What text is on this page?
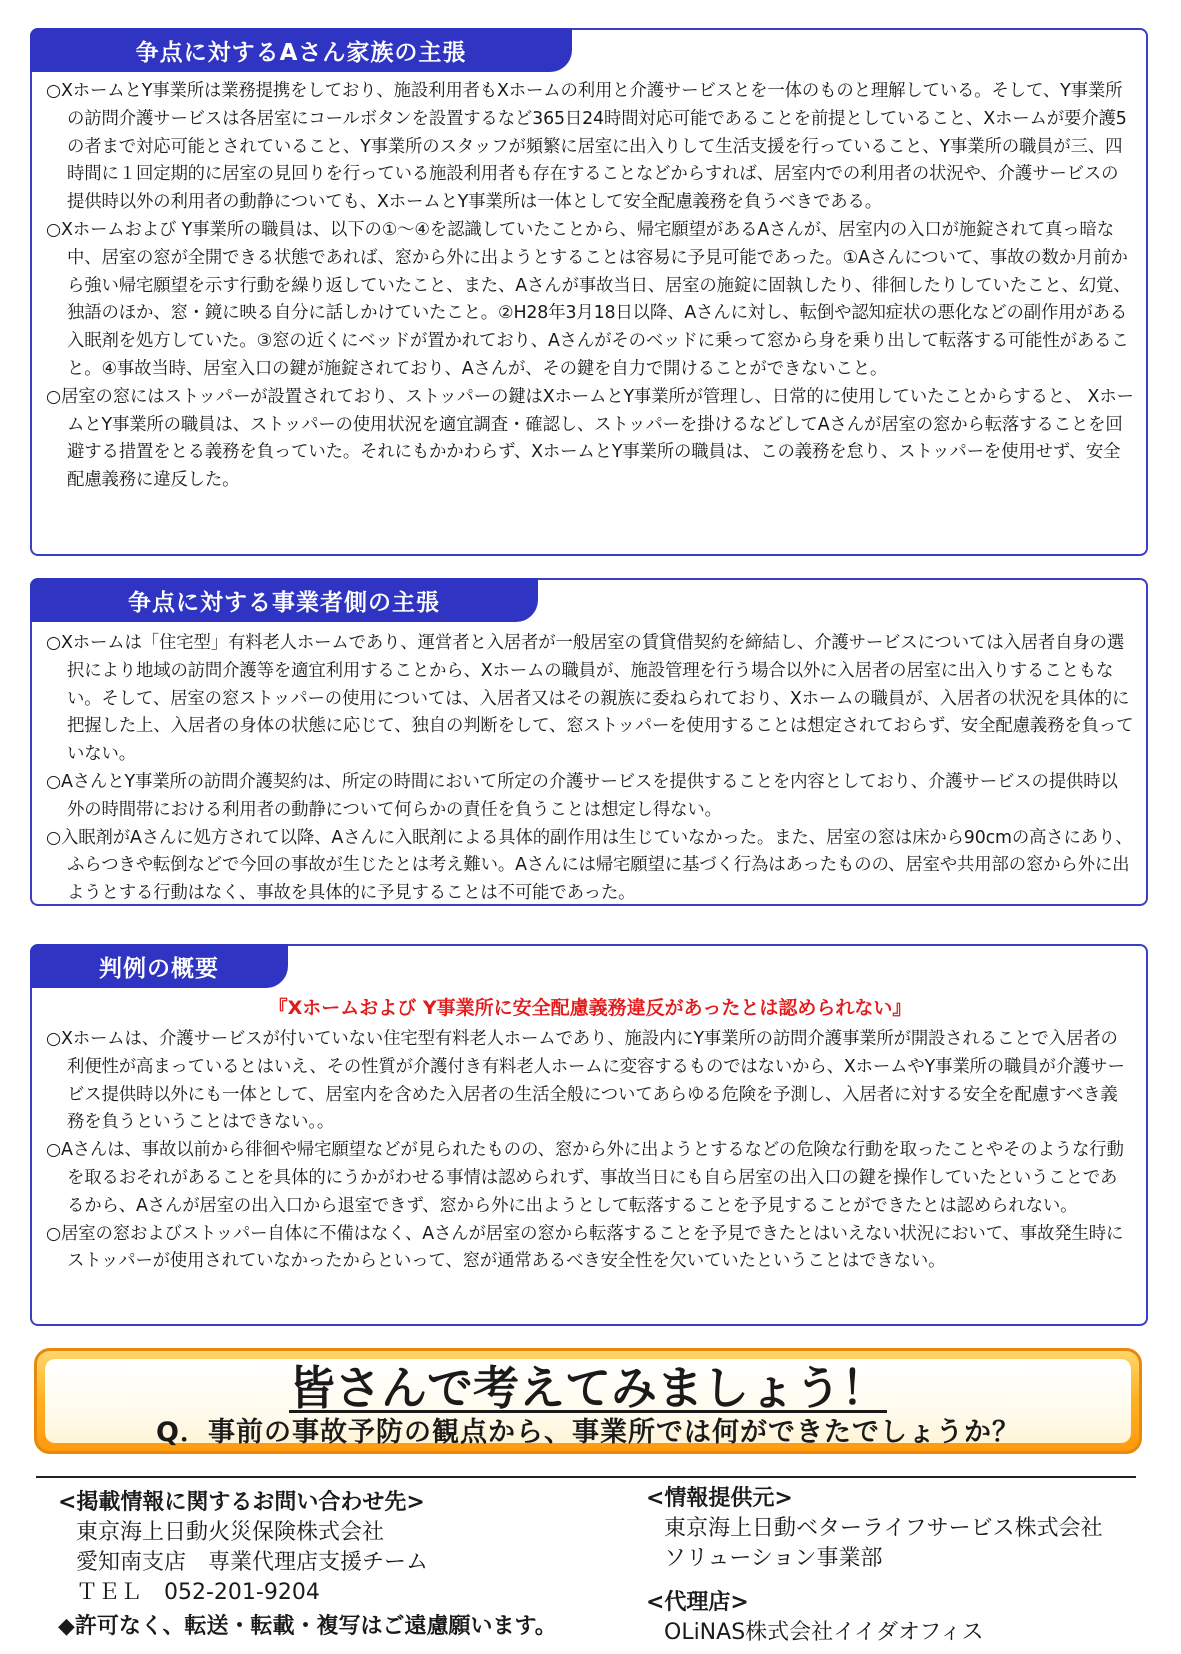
争点に対するAさん家族の主張

○XホームとY事業所は業務提携をしており、施設利用者もXホームの利用と介護サービスとを一体のものと理解している。そして、Y事業所の訪問介護サービスは各居室にコールボタンを設置するなど365日24時間対応可能であることを前提としていること、Xホームが要介護5の者まで対応可能とされていること、Y事業所のスタッフが頻繁に居室に出入りして生活支援を行っていること、Y事業所の職員が三、四時間に１回定期的に居室の見回りを行っている施設利用者も存在することなどからすれば、居室内での利用者の状況や、介護サービスの提供時以外の利用者の動静についても、XホームとY事業所は一体として安全配慮義務を負うべきである。

○Xホームおよび Y事業所の職員は、以下の①～④を認識していたことから、帰宅願望があるAさんが、居室内の入口が施錠されて真っ暗な中、居室の窓が全開できる状態であれば、窓から外に出ようとすることは容易に予見可能であった。①Aさんについて、事故の数か月前から強い帰宅願望を示す行動を繰り返していたこと、また、Aさんが事故当日、居室の施錠に固執したり、徘徊したりしていたこと、幻覚、独語のほか、窓・鏡に映る自分に話しかけていたこと。②H28年3月18日以降、Aさんに対し、転倒や認知症状の悪化などの副作用がある入眠剤を処方していた。③窓の近くにベッドが置かれており、Aさんがそのベッドに乗って窓から身を乗り出して転落する可能性があること。④事故当時、居室入口の鍵が施錠されており、Aさんが、その鍵を自力で開けることができないこと。

○居室の窓にはストッパーが設置されており、ストッパーの鍵はXホームとY事業所が管理し、日常的に使用していたことからすると、 XホームとY事業所の職員は、ストッパーの使用状況を適宜調査・確認し、ストッパーを掛けるなどしてAさんが居室の窓から転落することを回避する措置をとる義務を負っていた。それにもかかわらず、XホームとY事業所の職員は、この義務を怠り、ストッパーを使用せず、安全配慮義務に違反した。

争点に対する事業者側の主張

○Xホームは「住宅型」有料老人ホームであり、運営者と入居者が一般居室の賃貸借契約を締結し、介護サービスについては入居者自身の選択により地域の訪問介護等を適宜利用することから、Xホームの職員が、施設管理を行う場合以外に入居者の居室に出入りすることもない。そして、居室の窓ストッパーの使用については、入居者又はその親族に委ねられており、Xホームの職員が、入居者の状況を具体的に把握した上、入居者の身体の状態に応じて、独自の判断をして、窓ストッパーを使用することは想定されておらず、安全配慮義務を負っていない。

○AさんとY事業所の訪問介護契約は、所定の時間において所定の介護サービスを提供することを内容としており、介護サービスの提供時以外の時間帯における利用者の動静について何らかの責任を負うことは想定し得ない。

○入眠剤がAさんに処方されて以降、Aさんに入眠剤による具体的副作用は生じていなかった。また、居室の窓は床から90cmの高さにあり、ふらつきや転倒などで今回の事故が生じたとは考え難い。Aさんには帰宅願望に基づく行為はあったものの、居室や共用部の窓から外に出ようとする行動はなく、事故を具体的に予見することは不可能であった。

判例の概要

『Xホームおよび Y事業所に安全配慮義務違反があったとは認められない』

○Xホームは、介護サービスが付いていない住宅型有料老人ホームであり、施設内にY事業所の訪問介護事業所が開設されることで入居者の利便性が高まっているとはいえ、その性質が介護付き有料老人ホームに変容するものではないから、XホームやY事業所の職員が介護サービス提供時以外にも一体として、居室内を含めた入居者の生活全般についてあらゆる危険を予測し、入居者に対する安全を配慮すべき義務を負うということはできない。。

○Aさんは、事故以前から徘徊や帰宅願望などが見られたものの、窓から外に出ようとするなどの危険な行動を取ったことやそのような行動を取るおそれがあることを具体的にうかがわせる事情は認められず、事故当日にも自ら居室の出入口の鍵を操作していたということであるから、Aさんが居室の出入口から退室できず、窓から外に出ようとして転落することを予見することができたとは認められない。

○居室の窓およびストッパー自体に不備はなく、Aさんが居室の窓から転落することを予見できたとはいえない状況において、事故発生時にストッパーが使用されていなかったからといって、窓が通常あるべき安全性を欠いていたということはできない。

皆さんで考えてみましょう！
Q．事前の事故予防の観点から、事業所では何ができたでしょうか？
<掲載情報に関するお問い合わせ先>
東京海上日動火災保険株式会社
愛知南支店　専業代理店支援チーム
ＴＥＬ　052-201-9204
◆許可なく、転送・転載・複写はご遠慮願います。
<情報提供元>
東京海上日動ベターライフサービス株式会社
ソリューション事業部
<代理店>
OLiNAS株式会社イイダオフィス
